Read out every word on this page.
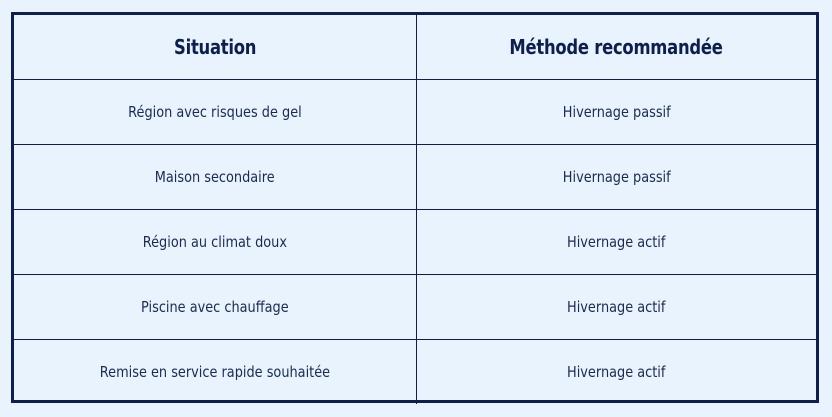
Situation	Méthode recommandée
Région avec risques de gel	Hivernage passif
Maison secondaire	Hivernage passif
Région au climat doux	Hivernage actif
Piscine avec chauffage	Hivernage actif
Remise en service rapide souhaitée	Hivernage actif
